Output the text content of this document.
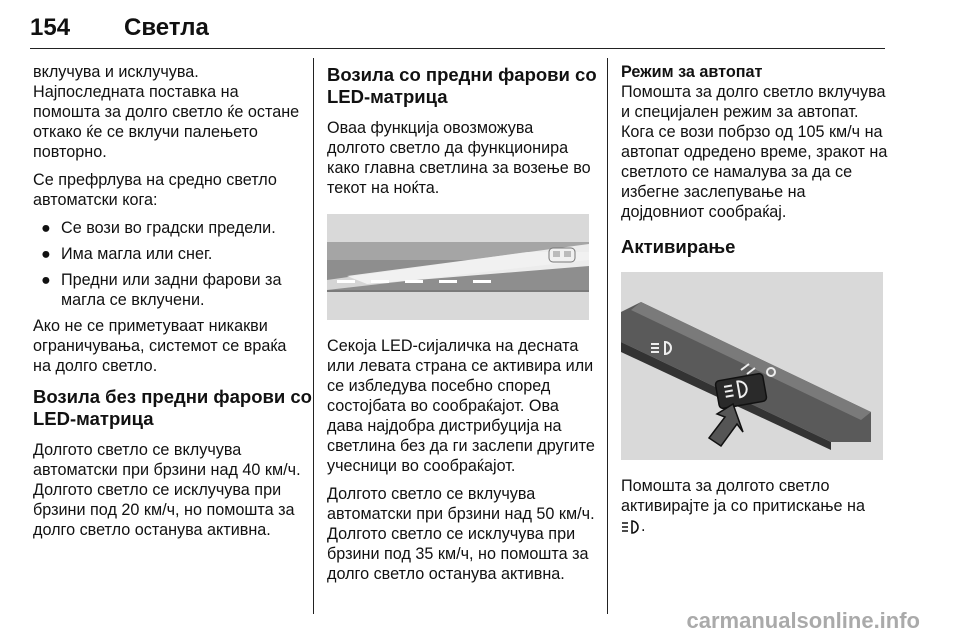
154 Светла

вклучува и исклучува.
Најпоследната поставка на
помошта за долго светло ќе остане
откако ќе се вклучи палењето
повторно.

Се префрлува на средно светло
автоматски кога:

● Се вози во градски предели.
● Има магла или снег.
● Предни или задни фарови за
магла се вклучени.

Ако не се приметуваат никакви
ограничувања, системот се враќа
на долго светло.

Возила без предни фарови со
LED-матрица

Долгото светло се вклучува
автоматски при брзини над 40 км/ч.
Долгото светло се исклучува при
брзини под 20 км/ч, но помошта за
долго светло останува активна.

Возила со предни фарови со
LED-матрица

Оваа функција овозможува
долгото светло да функционира
како главна светлина за возење во
текот на ноќта.

Секоја LED-сијаличка на десната
или левата страна се активира или
се избледува посебно според
состојбата во сообраќајот. Ова
дава најдобра дистрибуција на
светлина без да ги заслепи другите
учесници во сообраќајот.

Долгото светло се вклучува
автоматски при брзини над 50 км/ч.
Долгото светло се исклучува при
брзини под 35 км/ч, но помошта за
долго светло останува активна.

Режим за автопат

Помошта за долго светло вклучува
и специјален режим за автопат.
Кога се вози побрзо од 105 км/ч на
автопат одредено време, зракот на
светлото се намалува за да се
избегне заслепување на
дојдовниот сообраќај.

Активирање

Помошта за долгото светло
активирајте ја со притискање на
.

carmanualsonline.info
